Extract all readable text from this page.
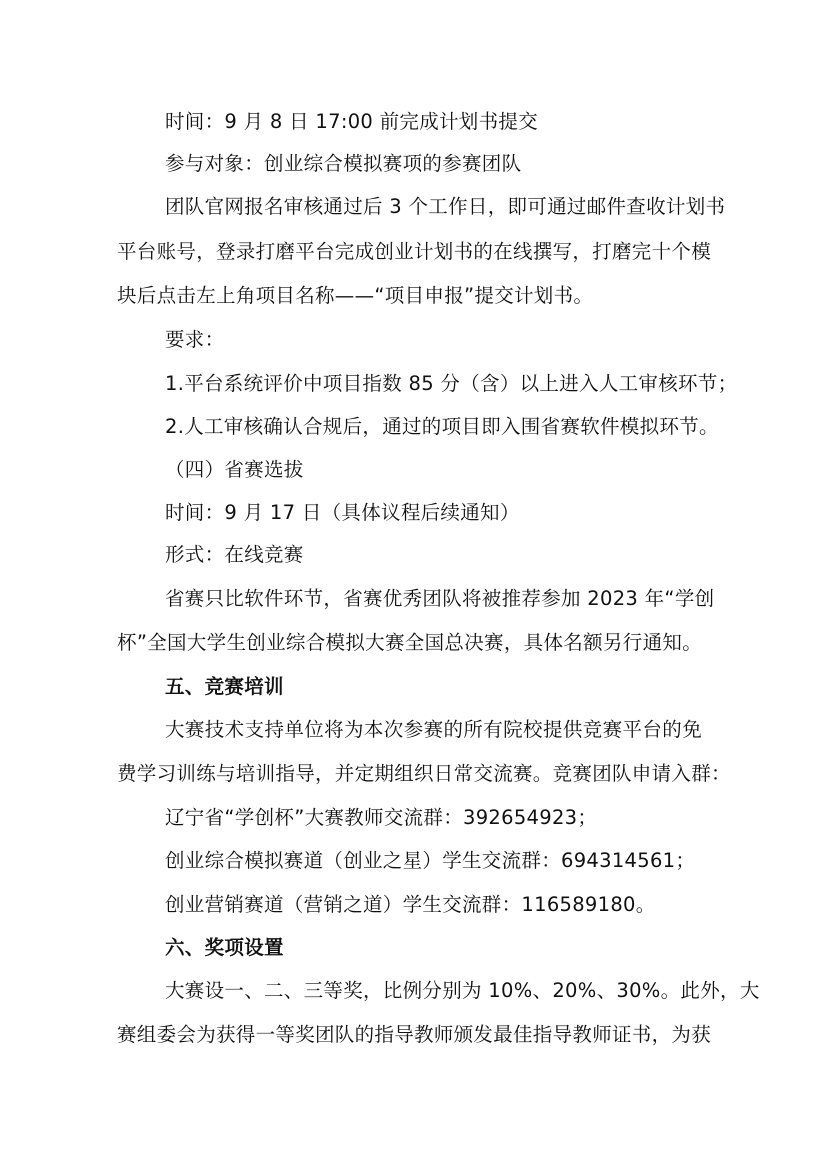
时间：9 月 8 日 17:00 前完成计划书提交
参与对象：创业综合模拟赛项的参赛团队
团队官网报名审核通过后 3 个工作日，即可通过邮件查收计划书
平台账号，登录打磨平台完成创业计划书的在线撰写，打磨完十个模
块后点击左上角项目名称——“项目申报”提交计划书。
要求：
1.平台系统评价中项目指数 85 分（含）以上进入人工审核环节；
2.人工审核确认合规后，通过的项目即入围省赛软件模拟环节。
（四）省赛选拔
时间：9 月 17 日（具体议程后续通知）
形式：在线竞赛
省赛只比软件环节，省赛优秀团队将被推荐参加 2023 年“学创
杯”全国大学生创业综合模拟大赛全国总决赛，具体名额另行通知。
五、竞赛培训
大赛技术支持单位将为本次参赛的所有院校提供竞赛平台的免
费学习训练与培训指导，并定期组织日常交流赛。竞赛团队申请入群：
辽宁省“学创杯”大赛教师交流群：392654923；
创业综合模拟赛道（创业之星）学生交流群：694314561；
创业营销赛道（营销之道）学生交流群：116589180。
六、奖项设置
大赛设一、二、三等奖，比例分别为 10%、20%、30%。此外，大
赛组委会为获得一等奖团队的指导教师颁发最佳指导教师证书，为获
